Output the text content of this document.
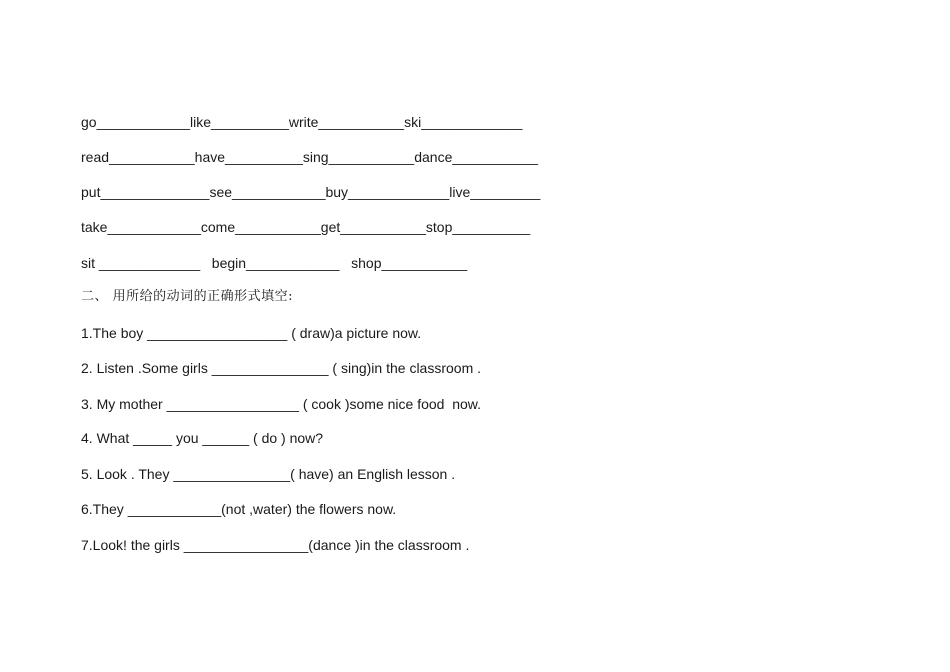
go____________like__________write___________ski_____________
read___________have__________sing___________dance___________
put______________see____________buy_____________live_________
take____________come___________get___________stop__________
sit _____________   begin____________   shop___________
二、 用所给的动词的正确形式填空:
1.The boy __________________ ( draw)a picture now.
2. Listen .Some girls _______________ ( sing)in the classroom .
3. My mother _________________ ( cook )some nice food  now.
4. What _____ you ______ ( do ) now?
5. Look . They _______________( have) an English lesson .
6.They ____________(not ,water) the flowers now.
7.Look! the girls ________________(dance )in the classroom .
